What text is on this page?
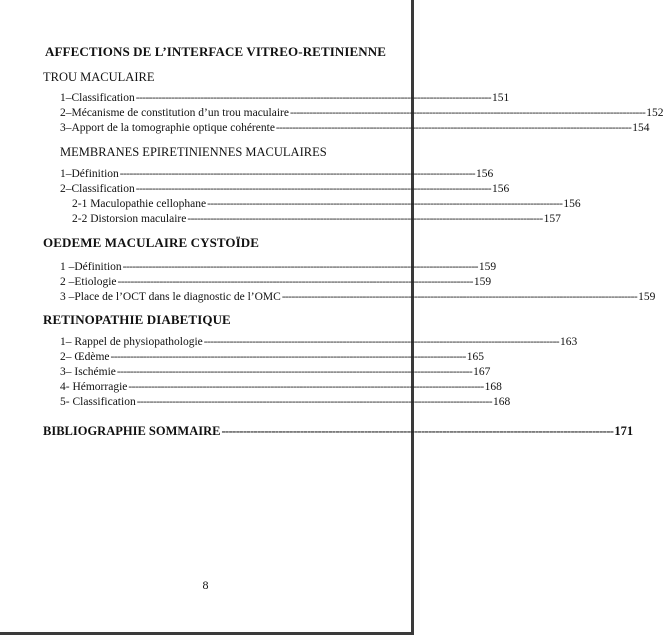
AFFECTIONS DE L’INTERFACE VITREO-RETINIENNE
TROU MACULAIRE
1–Classification -------------------------------------------------------------------------------------------------------------- 151
2–Mécanisme de constitution d’un trou maculaire -------------------------------------------------------------------------------------------------------------- 152
3–Apport de la tomographie optique cohérente -------------------------------------------------------------------------------------------------------------- 154
MEMBRANES EPIRETINIENNES MACULAIRES
1–Définition -------------------------------------------------------------------------------------------------------------- 156
2–Classification -------------------------------------------------------------------------------------------------------------- 156
2-1 Maculopathie cellophane -------------------------------------------------------------------------------------------------------------- 156
2-2 Distorsion maculaire -------------------------------------------------------------------------------------------------------------- 157
OEDEME MACULAIRE CYSTOÏDE
1 –Définition -------------------------------------------------------------------------------------------------------------- 159
2 –Etiologie -------------------------------------------------------------------------------------------------------------- 159
3 –Place de l’OCT dans le diagnostic de l’OMC -------------------------------------------------------------------------------------------------------------- 159
RETINOPATHIE DIABETIQUE
1– Rappel de physiopathologie -------------------------------------------------------------------------------------------------------------- 163
2– Œdème -------------------------------------------------------------------------------------------------------------- 165
3– Ischémie -------------------------------------------------------------------------------------------------------------- 167
4- Hémorragie -------------------------------------------------------------------------------------------------------------- 168
5- Classification -------------------------------------------------------------------------------------------------------------- 168
BIBLIOGRAPHIE SOMMAIRE -------------------------------------------------------------------------------------------------------------- 171
8
